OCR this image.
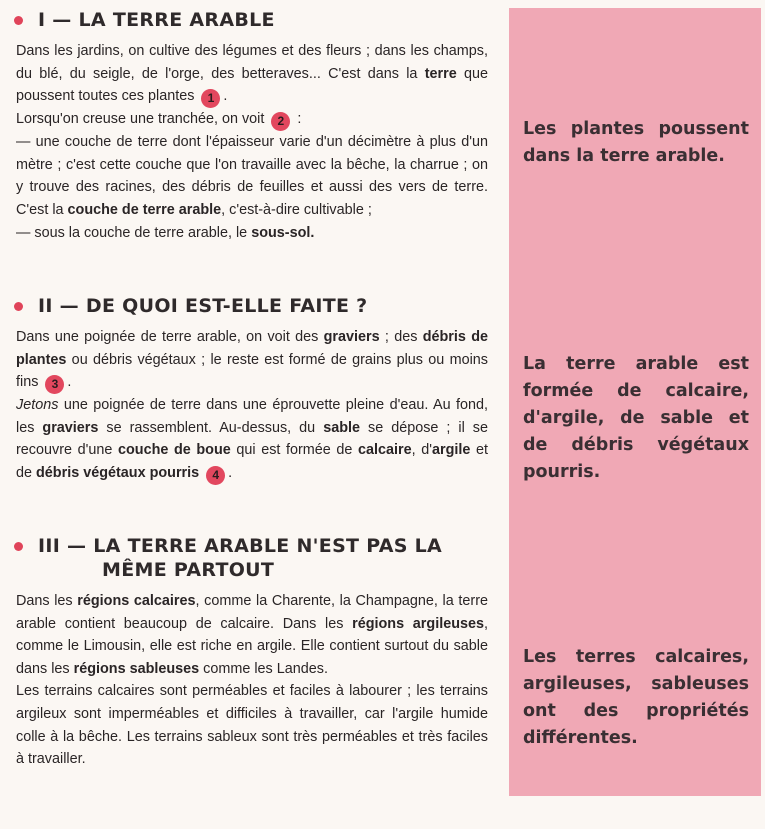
I — LA TERRE ARABLE

Dans les jardins, on cultive des légumes et des fleurs ; dans les champs, du blé, du seigle, de l'orge, des betteraves... C'est dans la terre que poussent toutes ces plantes 1 .

Lorsqu'on creuse une tranchée, on voit 2 :

— une couche de terre dont l'épaisseur varie d'un décimètre à plus d'un mètre ; c'est cette couche que l'on travaille avec la bêche, la charrue ; on y trouve des racines, des débris de feuilles et aussi des vers de terre. C'est la couche de terre arable, c'est-à-dire cultivable ;

— sous la couche de terre arable, le sous-sol.

II — DE QUOI EST-ELLE FAITE ?

Dans une poignée de terre arable, on voit des graviers ; des débris de plantes ou débris végétaux ; le reste est formé de grains plus ou moins fins 3 .

Jetons une poignée de terre dans une éprouvette pleine d'eau. Au fond, les graviers se rassemblent. Au-dessus, du sable se dépose ; il se recouvre d'une couche de boue qui est formée de calcaire, d'argile et de débris végétaux pourris 4 .

III — LA TERRE ARABLE N'EST PAS LA
MÊME PARTOUT

Dans les régions calcaires, comme la Charente, la Champagne, la terre arable contient beaucoup de calcaire. Dans les régions argileuses, comme le Limousin, elle est riche en argile. Elle contient surtout du sable dans les régions sableuses comme les Landes.

Les terrains calcaires sont perméables et faciles à labourer ; les terrains argileux sont imperméables et difficiles à travailler, car l'argile humide colle à la bêche. Les terrains sableux sont très perméables et très faciles à travailler.

Les plantes poussent dans la terre arable.
La terre arable est formée de calcaire, d'argile, de sable et de débris végétaux pourris.
Les terres calcaires, argileuses, sableuses ont des propriétés différentes.
